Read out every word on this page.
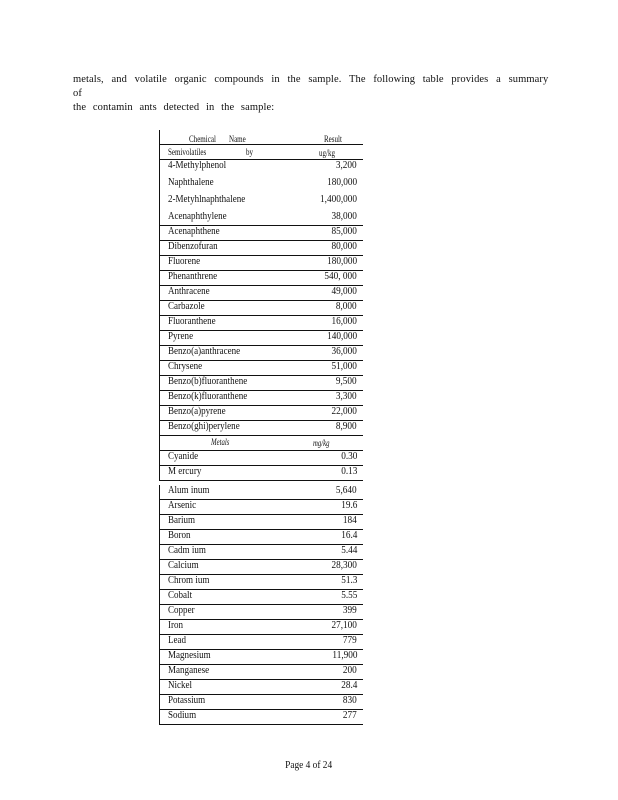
metals, and volatile organic compounds in the sample. The following table provides a summary of
the contamin ants detected in the sample:
Chemical Name	Result
Semivolatiles	by	ug/kg
4-Methylphenol	3,200
Naphthalene	180,000
2-Metyhlnaphthalene	1,400,000
Acenaphthylene	38,000
Acenaphthene	85,000
Dibenzofuran	80,000
Fluorene	180,000
Phenanthrene	540, 000
Anthracene	49,000
Carbazole	8,000
Fluoranthene	16,000
Pyrene	140,000
Benzo(a)anthracene	36,000
Chrysene	51,000
Benzo(b)fluoranthene	9,500
Benzo(k)fluoranthene	3,300
Benzo(a)pyrene	22,000
Benzo(ghi)perylene	8,900
Metals	mg/kg
Cyanide	0.30
M ercury	0.13
Alum inum	5,640
Arsenic	19.6
Barium	184
Boron	16.4
Cadm ium	5.44
Calcium	28,300
Chrom ium	51.3
Cobalt	5.55
Copper	399
Iron	27,100
Lead	779
Magnesium	11,900
Manganese	200
Nickel	28.4
Potassium	830
Sodium	277
Page 4 of 24
